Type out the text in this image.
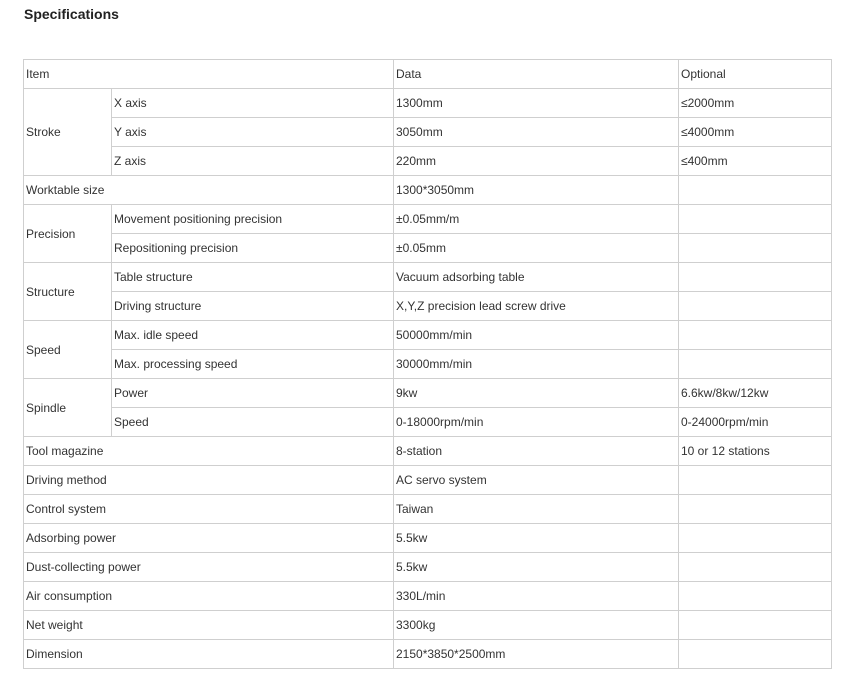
Specifications
Item		Data	Optional
Stroke	X axis	1300mm	≤2000mm
	Y axis	3050mm	≤4000mm
	Z axis	220mm	≤400mm
Worktable size		1300*3050mm	
Precision	Movement positioning precision	±0.05mm/m	
	Repositioning precision	±0.05mm	
Structure	Table structure	Vacuum adsorbing table	
	Driving structure	X,Y,Z precision lead screw drive	
Speed	Max. idle speed	50000mm/min	
	Max. processing speed	30000mm/min	
Spindle	Power	9kw	6.6kw/8kw/12kw
	Speed	0-18000rpm/min	0-24000rpm/min
Tool magazine		8-station	10 or 12 stations
Driving method		AC servo system	
Control system		Taiwan	
Adsorbing power		5.5kw	
Dust-collecting power		5.5kw	
Air consumption		330L/min	
Net weight		3300kg	
Dimension		2150*3850*2500mm	
